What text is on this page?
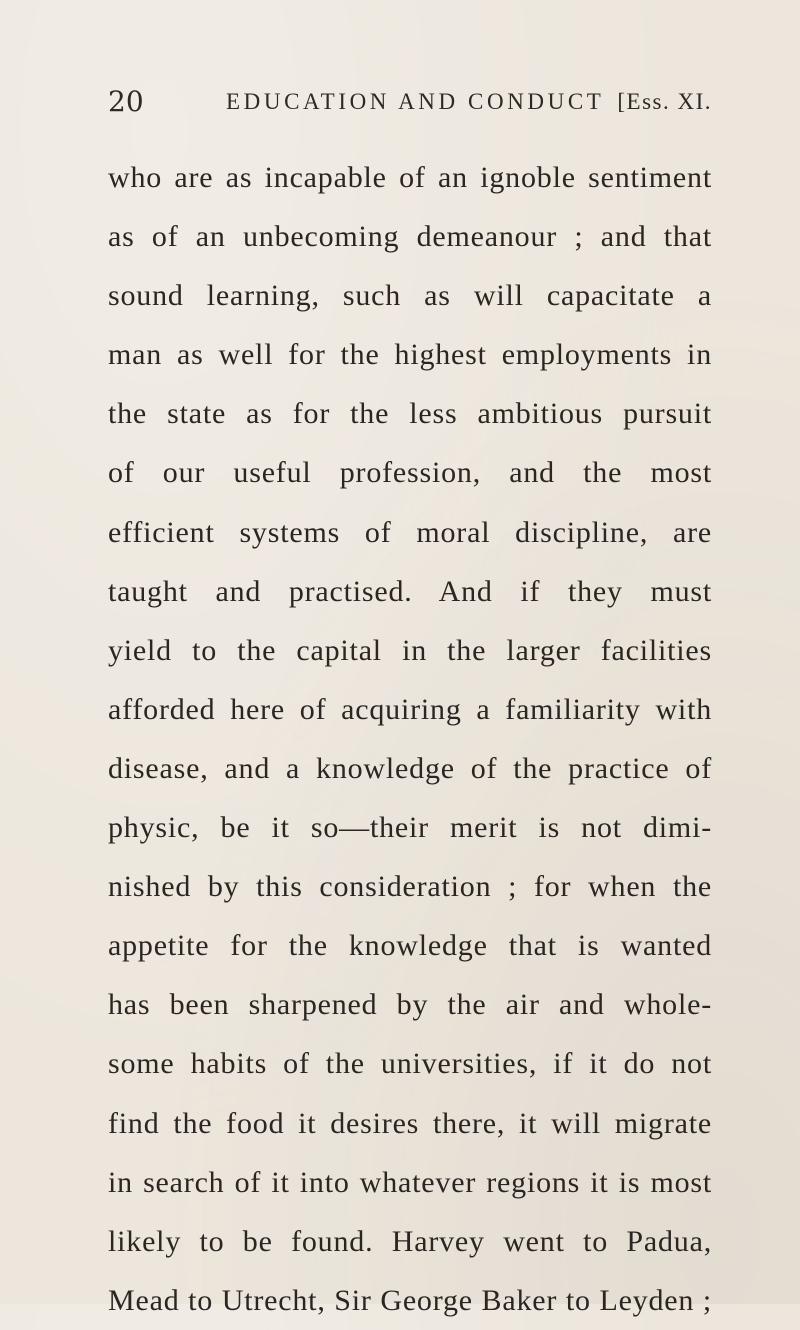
20	EDUCATION AND CONDUCT [Ess. XI.
who are as incapable of an ignoble sentiment
as of an unbecoming demeanour ; and that
sound learning, such as will capacitate a
man as well for the highest employments in
the state as for the less ambitious pursuit
of our useful profession, and the most
efficient systems of moral discipline, are
taught and practised. And if they must
yield to the capital in the larger facilities
afforded here of acquiring a familiarity with
disease, and a knowledge of the practice of
physic, be it so—their merit is not dimi-
nished by this consideration ; for when the
appetite for the knowledge that is wanted
has been sharpened by the air and whole-
some habits of the universities, if it do not
find the food it desires there, it will migrate
in search of it into whatever regions it is most
likely to be found. Harvey went to Padua,
Mead to Utrecht, Sir George Baker to Leyden ;
